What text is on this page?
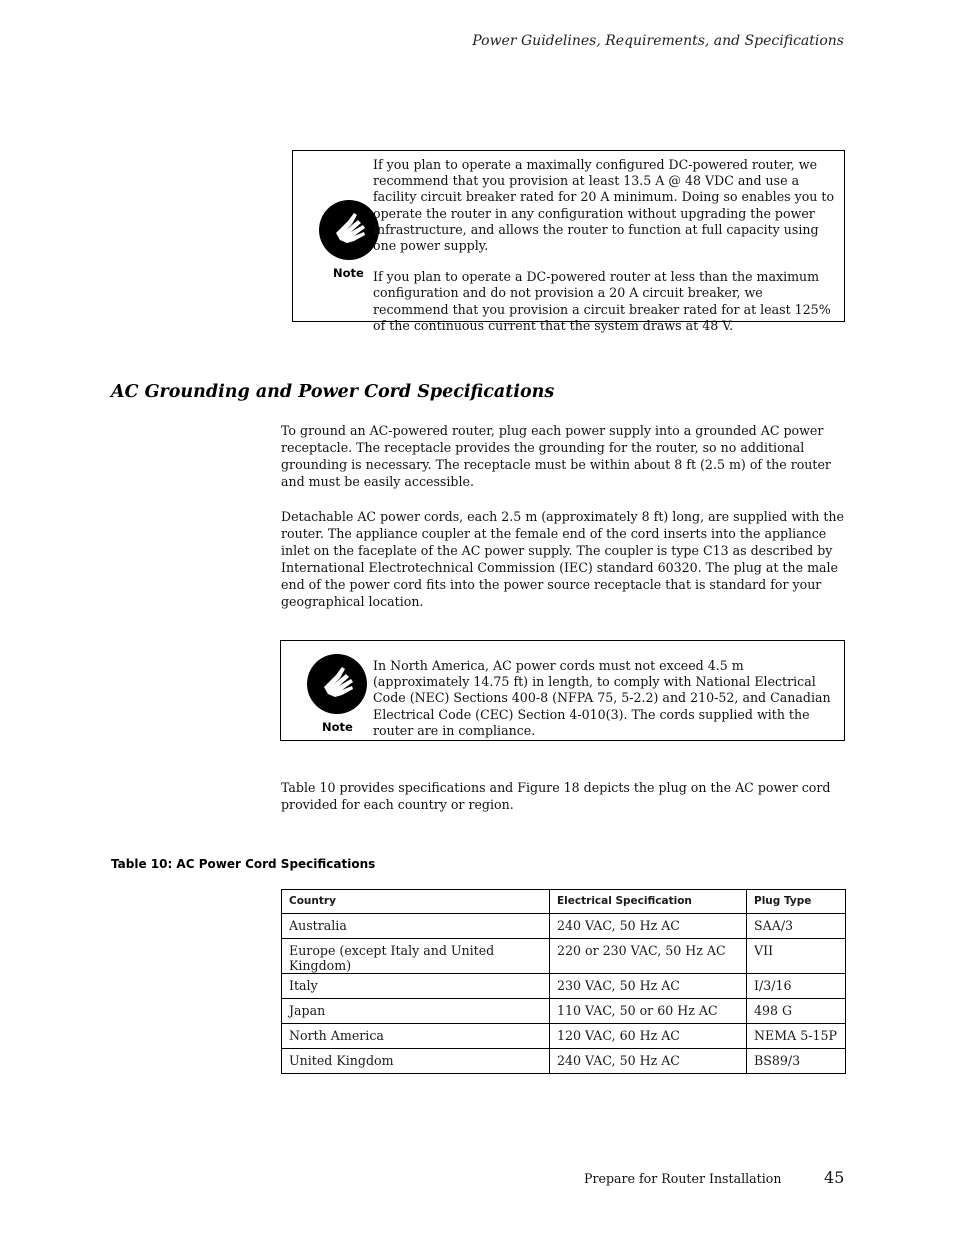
Power Guidelines, Requirements, and Specifications
Note

If you plan to operate a maximally configured DC-powered router, we recommend that you provision at least 13.5 A @ 48 VDC and use a facility circuit breaker rated for 20 A minimum. Doing so enables you to operate the router in any configuration without upgrading the power infrastructure, and allows the router to function at full capacity using one power supply.

If you plan to operate a DC-powered router at less than the maximum configuration and do not provision a 20 A circuit breaker, we recommend that you provision a circuit breaker rated for at least 125% of the continuous current that the system draws at 48 V.

AC Grounding and Power Cord Specifications

To ground an AC-powered router, plug each power supply into a grounded AC power receptacle. The receptacle provides the grounding for the router, so no additional grounding is necessary. The receptacle must be within about 8 ft (2.5 m) of the router and must be easily accessible.

Detachable AC power cords, each 2.5 m (approximately 8 ft) long, are supplied with the router. The appliance coupler at the female end of the cord inserts into the appliance inlet on the faceplate of the AC power supply. The coupler is type C13 as described by International Electrotechnical Commission (IEC) standard 60320. The plug at the male end of the power cord fits into the power source receptacle that is standard for your geographical location.

Note

In North America, AC power cords must not exceed 4.5 m (approximately 14.75 ft) in length, to comply with National Electrical Code (NEC) Sections 400-8 (NFPA 75, 5-2.2) and 210-52, and Canadian Electrical Code (CEC) Section 4-010(3). The cords supplied with the router are in compliance.

Table 10 provides specifications and Figure 18 depicts the plug on the AC power cord provided for each country or region.

Table 10: AC Power Cord Specifications
Country	Electrical Specification	Plug Type
Australia	240 VAC, 50 Hz AC	SAA/3
Europe (except Italy and United Kingdom)	220 or 230 VAC, 50 Hz AC	VII
Italy	230 VAC, 50 Hz AC	I/3/16
Japan	110 VAC, 50 or 60 Hz AC	498 G
North America	120 VAC, 60 Hz AC	NEMA 5-15P
United Kingdom	240 VAC, 50 Hz AC	BS89/3
Prepare for Router Installation	45
